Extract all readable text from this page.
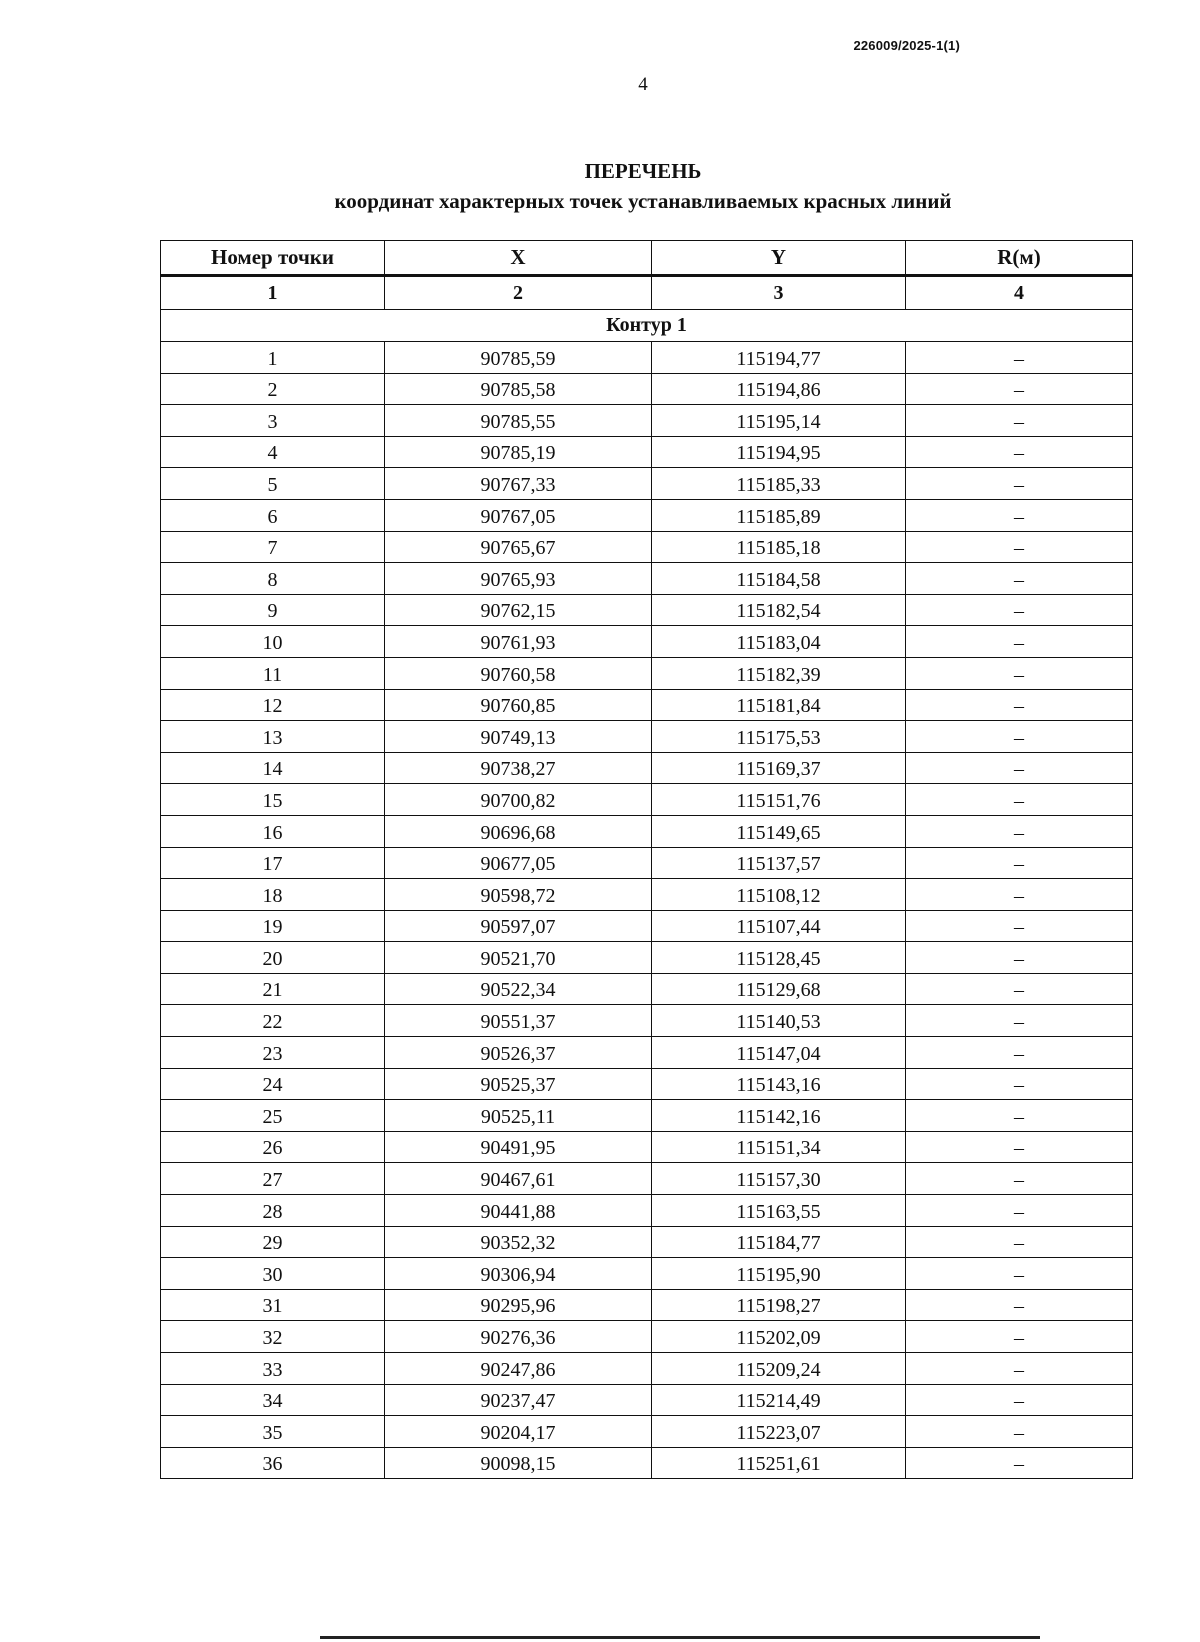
226009/2025-1(1)
4
ПЕРЕЧЕНЬ
координат характерных точек устанавливаемых красных линий
Номер точки	X	Y	R(м)
1	2	3	4
Контур 1			
1	90785,59	115194,77	–
2	90785,58	115194,86	–
3	90785,55	115195,14	–
4	90785,19	115194,95	–
5	90767,33	115185,33	–
6	90767,05	115185,89	–
7	90765,67	115185,18	–
8	90765,93	115184,58	–
9	90762,15	115182,54	–
10	90761,93	115183,04	–
11	90760,58	115182,39	–
12	90760,85	115181,84	–
13	90749,13	115175,53	–
14	90738,27	115169,37	–
15	90700,82	115151,76	–
16	90696,68	115149,65	–
17	90677,05	115137,57	–
18	90598,72	115108,12	–
19	90597,07	115107,44	–
20	90521,70	115128,45	–
21	90522,34	115129,68	–
22	90551,37	115140,53	–
23	90526,37	115147,04	–
24	90525,37	115143,16	–
25	90525,11	115142,16	–
26	90491,95	115151,34	–
27	90467,61	115157,30	–
28	90441,88	115163,55	–
29	90352,32	115184,77	–
30	90306,94	115195,90	–
31	90295,96	115198,27	–
32	90276,36	115202,09	–
33	90247,86	115209,24	–
34	90237,47	115214,49	–
35	90204,17	115223,07	–
36	90098,15	115251,61	–
